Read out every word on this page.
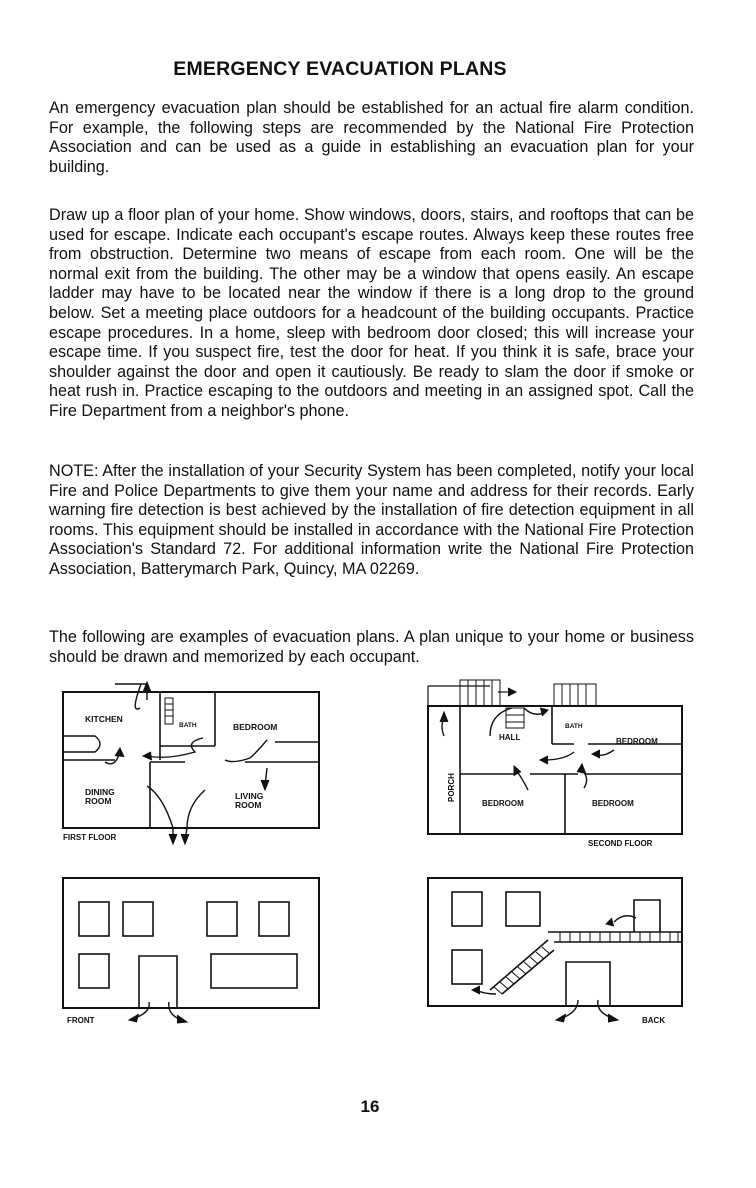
EMERGENCY EVACUATION PLANS

An emergency evacuation plan should be established for an actual fire alarm condition. For example, the following steps are recommended by the National Fire Protection Association and can be used as a guide in establishing an evacuation plan for your building.

Draw up a floor plan of your home. Show windows, doors, stairs, and rooftops that can be used for escape. Indicate each occupant's escape routes. Always keep these routes free from obstruction. Determine two means of escape from each room. One will be the normal exit from the building. The other may be a window that opens easily. An escape ladder may have to be located near the window if there is a long drop to the ground below. Set a meeting place outdoors for a headcount of the building occupants. Practice escape procedures. In a home, sleep with bedroom door closed; this will increase your escape time. If you suspect fire, test the door for heat. If you think it is safe, brace your shoulder against the door and open it cautiously. Be ready to slam the door if smoke or heat rush in. Practice escaping to the outdoors and meeting in an assigned spot. Call the Fire Department from a neighbor's phone.

NOTE: After the installation of your Security System has been completed, notify your local Fire and Police Departments to give them your name and address for their records. Early warning fire detection is best achieved by the installation of fire detection equipment in all rooms. This equipment should be installed in accordance with the National Fire Protection Association's Standard 72. For additional information write the National Fire Protection Association, Batterymarch Park, Quincy, MA 02269.

The following are examples of evacuation plans. A plan unique to your home or business should be drawn and memorized by each occupant.

KITCHEN
BATH	BEDROOM
DINING
ROOM	LIVING
ROOM
FIRST FLOOR
BATH
HALL	BEDROOM
BEDROOM	BEDROOM
PORCH
SECOND FLOOR
FRONT	BACK
16
